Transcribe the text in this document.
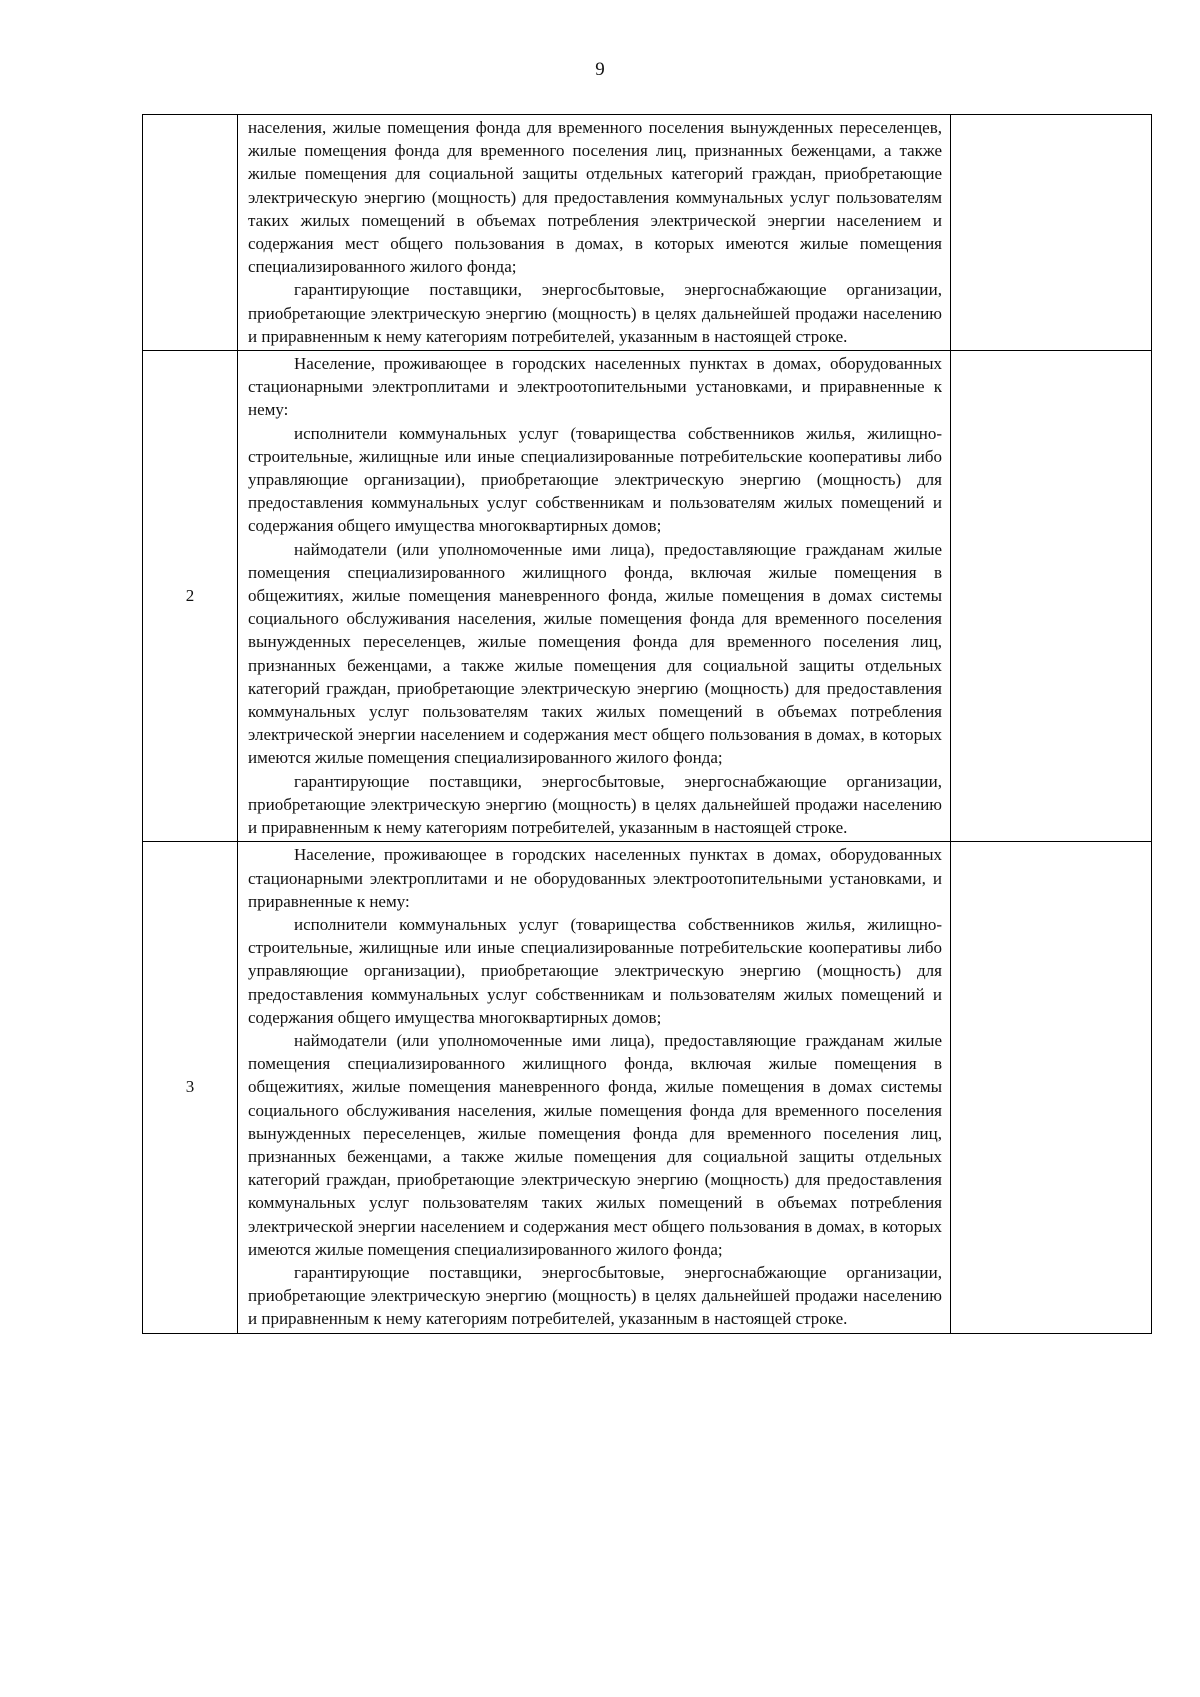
9

	населения, жилые помещения фонда для временного поселения вынужденных переселенцев, жилые помещения фонда для временного поселения лиц, признанных беженцами, а также жилые помещения для социальной защиты отдельных категорий граждан, приобретающие электрическую энергию (мощность) для предоставления коммунальных услуг пользователям таких жилых помещений в объемах потребления электрической энергии населением и содержания мест общего пользования в домах, в которых имеются жилые помещения специализированного жилого фонда;

гарантирующие поставщики, энергосбытовые, энергоснабжающие организации, приобретающие электрическую энергию (мощность) в целях дальнейшей продажи населению и приравненным к нему категориям потребителей, указанным в настоящей строке.	

2	Население, проживающее в городских населенных пунктах в домах, оборудованных стационарными электроплитами и электроотопительными установками, и приравненные к нему:

исполнители коммунальных услуг (товарищества собственников жилья, жилищно-строительные, жилищные или иные специализированные потребительские кооперативы либо управляющие организации), приобретающие электрическую энергию (мощность) для предоставления коммунальных услуг собственникам и пользователям жилых помещений и содержания общего имущества многоквартирных домов;

наймодатели (или уполномоченные ими лица), предоставляющие гражданам жилые помещения специализированного жилищного фонда, включая жилые помещения в общежитиях, жилые помещения маневренного фонда, жилые помещения в домах системы социального обслуживания населения, жилые помещения фонда для временного поселения вынужденных переселенцев, жилые помещения фонда для временного поселения лиц, признанных беженцами, а также жилые помещения для социальной защиты отдельных категорий граждан, приобретающие электрическую энергию (мощность) для предоставления коммунальных услуг пользователям таких жилых помещений в объемах потребления электрической энергии населением и содержания мест общего пользования в домах, в которых имеются жилые помещения специализированного жилого фонда;

гарантирующие поставщики, энергосбытовые, энергоснабжающие организации, приобретающие электрическую энергию (мощность) в целях дальнейшей продажи населению и приравненным к нему категориям потребителей, указанным в настоящей строке.	

3	Население, проживающее в городских населенных пунктах в домах, оборудованных стационарными электроплитами и не оборудованных электроотопительными установками, и приравненные к нему:

исполнители коммунальных услуг (товарищества собственников жилья, жилищно-строительные, жилищные или иные специализированные потребительские кооперативы либо управляющие организации), приобретающие электрическую энергию (мощность) для предоставления коммунальных услуг собственникам и пользователям жилых помещений и содержания общего имущества многоквартирных домов;

наймодатели (или уполномоченные ими лица), предоставляющие гражданам жилые помещения специализированного жилищного фонда, включая жилые помещения в общежитиях, жилые помещения маневренного фонда, жилые помещения в домах системы социального обслуживания населения, жилые помещения фонда для временного поселения вынужденных переселенцев, жилые помещения фонда для временного поселения лиц, признанных беженцами, а также жилые помещения для социальной защиты отдельных категорий граждан, приобретающие электрическую энергию (мощность) для предоставления коммунальных услуг пользователям таких жилых помещений в объемах потребления электрической энергии населением и содержания мест общего пользования в домах, в которых имеются жилые помещения специализированного жилого фонда;

гарантирующие поставщики, энергосбытовые, энергоснабжающие организации, приобретающие электрическую энергию (мощность) в целях дальнейшей продажи населению и приравненным к нему категориям потребителей, указанным в настоящей строке.	
